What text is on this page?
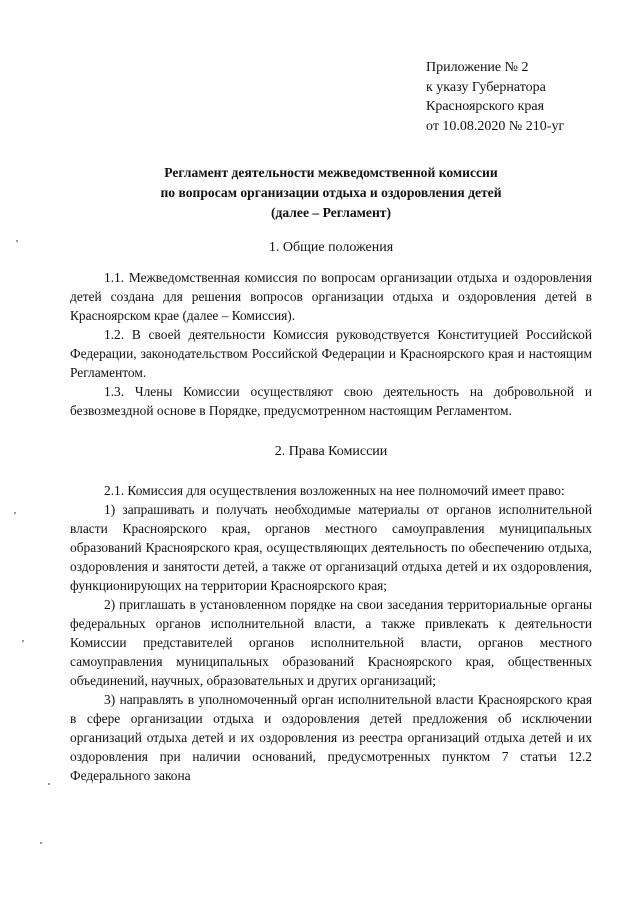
Приложение № 2
к указу Губернатора
Красноярского края
от 10.08.2020 № 210-уг
Регламент деятельности межведомственной комиссии
по вопросам организации отдыха и оздоровления детей
(далее – Регламент)
1. Общие положения

1.1. Межведомственная комиссия по вопросам организации отдыха и оздоровления детей создана для решения вопросов организации отдыха и оздоровления детей в Красноярском крае (далее – Комиссия).

1.2. В своей деятельности Комиссия руководствуется Конституцией Российской Федерации, законодательством Российской Федерации и Красноярского края и настоящим Регламентом.

1.3. Члены Комиссии осуществляют свою деятельность на добровольной и безвозмездной основе в Порядке, предусмотренном настоящим Регламентом.

2. Права Комиссии

2.1. Комиссия для осуществления возложенных на нее полномочий имеет право:

1) запрашивать и получать необходимые материалы от органов исполнительной власти Красноярского края, органов местного самоуправления муниципальных образований Красноярского края, осуществляющих деятельность по обеспечению отдыха, оздоровления и занятости детей, а также от организаций отдыха детей и их оздоровления, функционирующих на территории Красноярского края;

2) приглашать в установленном порядке на свои заседания территориальные органы федеральных органов исполнительной власти, а также привлекать к деятельности Комиссии представителей органов исполнительной власти, органов местного самоуправления муниципальных образований Красноярского края, общественных объединений, научных, образовательных и других организаций;

3) направлять в уполномоченный орган исполнительной власти Красноярского края в сфере организации отдыха и оздоровления детей предложения об исключении организаций отдыха детей и их оздоровления из реестра организаций отдыха детей и их оздоровления при наличии оснований, предусмотренных пунктом 7 статьи 12.2 Федерального закона
